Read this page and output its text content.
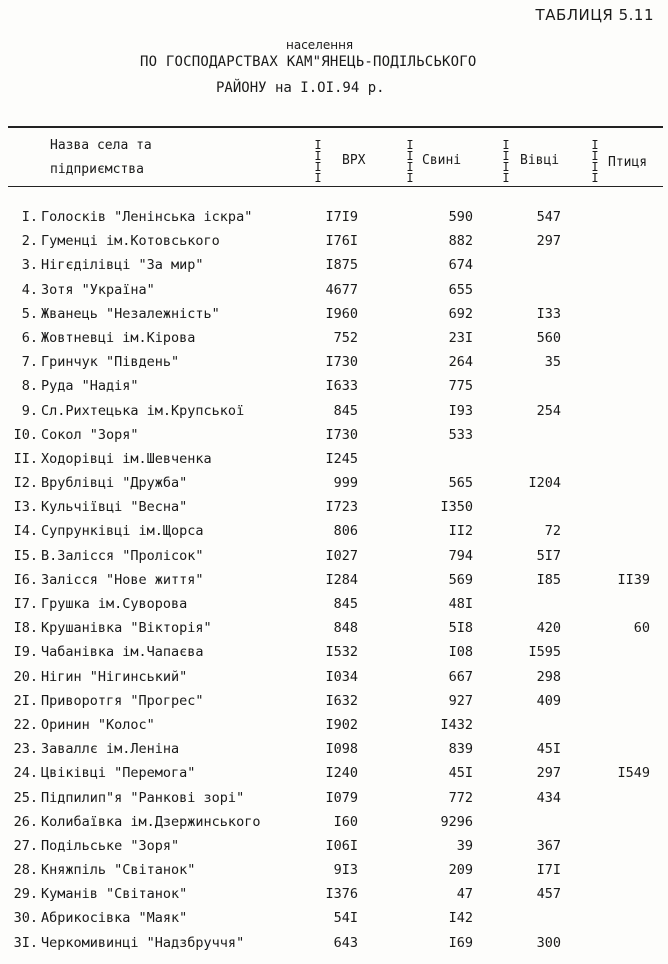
ТАБЛИЦЯ 5.11
населення
ПО ГОСПОДАРСТВАХ КАМ"ЯНЕЦЬ-ПОДІЛЬСЬКОГО
РАЙОНУ на І.ОІ.94 р.
Назва села та
підприємства
ВРХ	Свині	Вівці	Птиця
I
I
I
I
I
I
I
I
I
I
I
I
I
I
I
I
І. Голосків "Ленінська іскра"	І7І9	590	547
2. Гуменці ім.Котовського	І76І	882	297
3. Нігєділівці "За мир"	І875	674
4. Зотя "Україна"	4677	655
5. Жванець "Незалежність"	І960	692	І33
6. Жовтневці ім.Кірова	752	23І	560
7. Гринчук "Південь"	І730	264	35
8. Руда "Надія"	І633	775
9. Сл.Рихтецька ім.Крупської	845	І93	254
І0. Сокол "Зоря"	І730	533
ІІ. Ходорівці ім.Шевченка	І245
І2. Врублівці "Дружба"	999	565	І204
І3. Кульчіївці "Весна"	І723	І350
І4. Супрунківці ім.Щорса	806	ІІ2	72
І5. В.Залісся "Пролісок"	І027	794	5І7
І6. Залісся "Нове життя"	І284	569	І85	ІІ39
І7. Грушка ім.Суворова	845	48І
І8. Крушанівка "Вікторія"	848	5І8	420	60
І9. Чабанівка ім.Чапаєва	І532	І08	І595
20. Нігин "Нігинський"	І034	667	298
2І. Приворотгя "Прогрес"	І632	927	409
22. Оринин "Колос"	І902	І432
23. Заваллє ім.Леніна	І098	839	45І
24. Цвіківці "Перемога"	І240	45І	297	І549
25. Підпилип"я "Ранкові зорі"	І079	772	434
26. Колибаївка ім.Дзержинського	І60	9296
27. Подільське "Зоря"	І06І	39	367
28. Княжпіль "Світанок"	9І3	209	І7І
29. Куманів "Світанок"	І376	47	457
30. Абрикосівка "Маяк"	54І	І42
3І. Черкомивинці "Надзбруччя"	643	І69	300
